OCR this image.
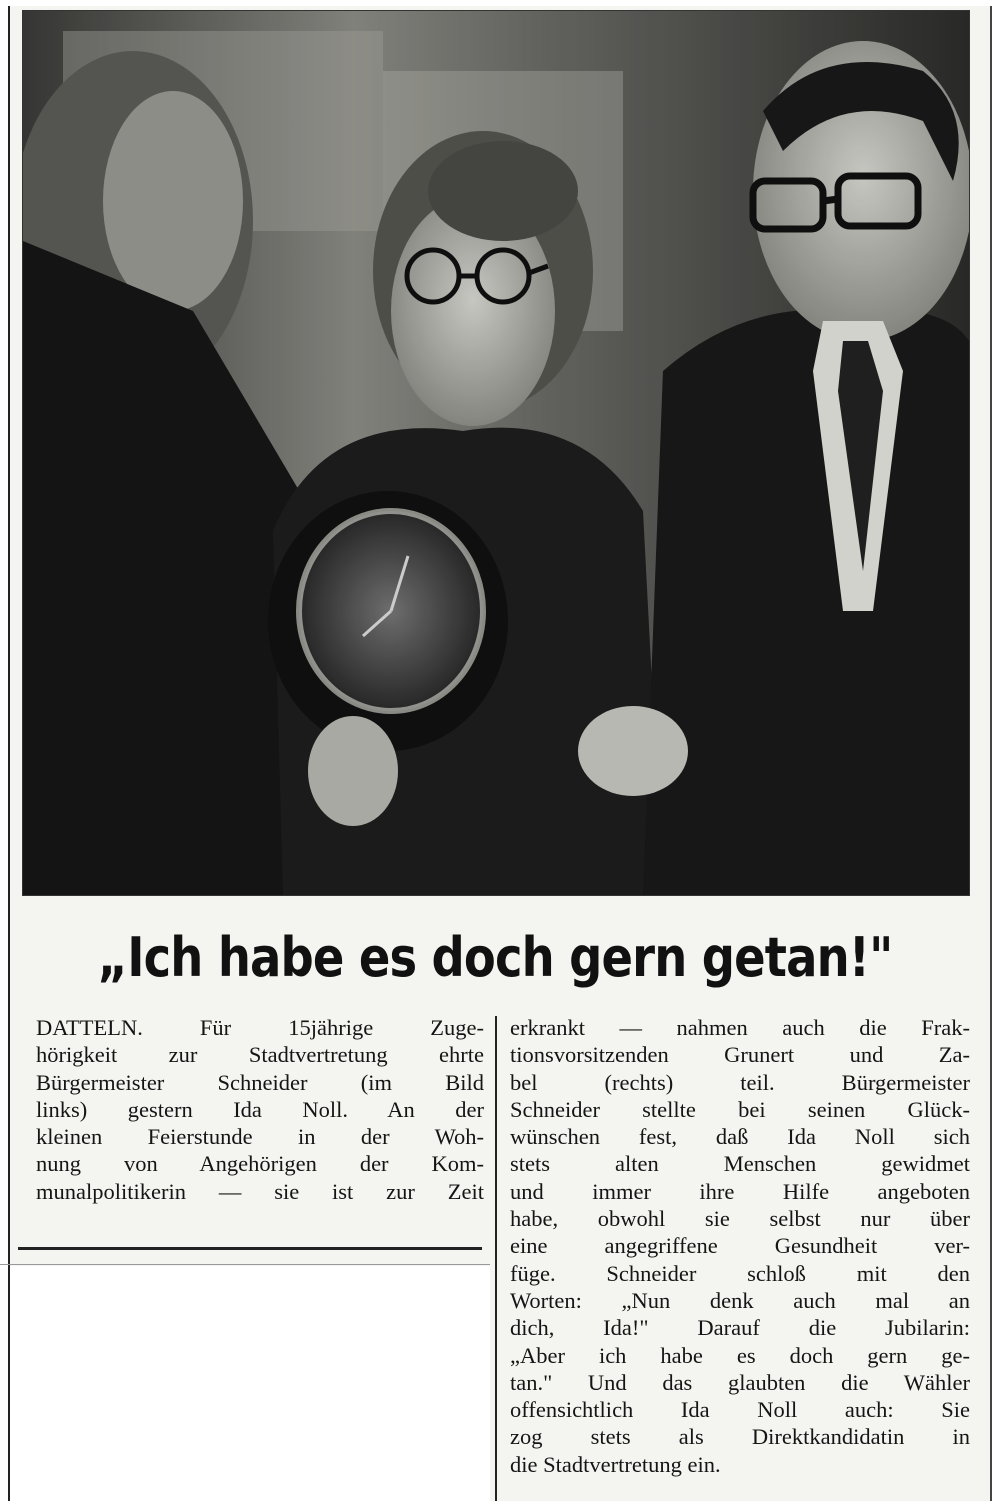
„Ich habe es doch gern getan!"
DATTELN. Für 15jährige Zuge-
hörigkeit zur Stadtvertretung ehrte
Bürgermeister Schneider (im Bild
links) gestern Ida Noll. An der
kleinen Feierstunde in der Woh-
nung von Angehörigen der Kom-
munalpolitikerin — sie ist zur Zeit
erkrankt — nahmen auch die Frak-
tionsvorsitzenden Grunert und Za-
bel (rechts) teil. Bürgermeister
Schneider stellte bei seinen Glück-
wünschen fest, daß Ida Noll sich
stets alten Menschen gewidmet
und immer ihre Hilfe angeboten
habe, obwohl sie selbst nur über
eine angegriffene Gesundheit ver-
füge. Schneider schloß mit den
Worten: „Nun denk auch mal an
dich, Ida!" Darauf die Jubilarin:
„Aber ich habe es doch gern ge-
tan." Und das glaubten die Wähler
offensichtlich Ida Noll auch: Sie
zog stets als Direktkandidatin in
die Stadtvertretung ein.
